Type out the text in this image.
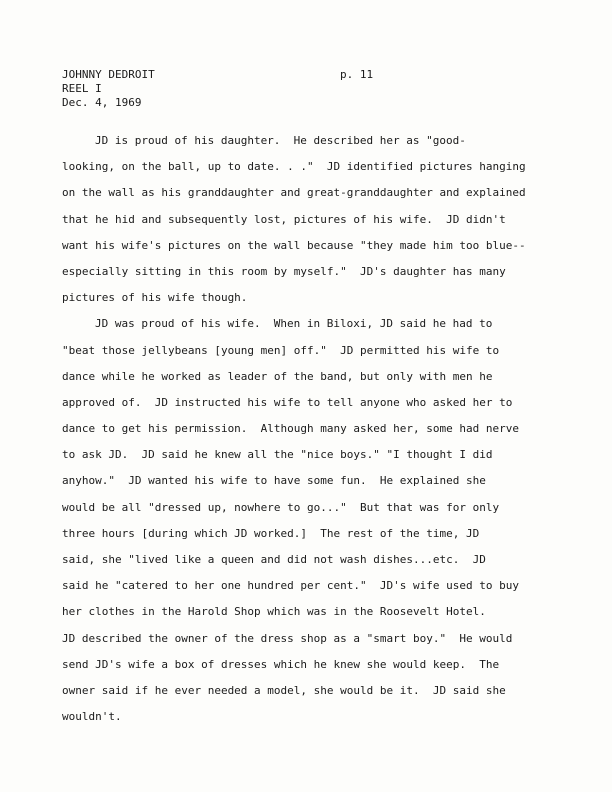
JOHNNY DEDROIT
REEL I
Dec. 4, 1969
p. 11
JD is proud of his daughter.  He described her as "good-
looking, on the ball, up to date. . ."  JD identified pictures hanging
on the wall as his granddaughter and great-granddaughter and explained
that he hid and subsequently lost, pictures of his wife.  JD didn't
want his wife's pictures on the wall because "they made him too blue--
especially sitting in this room by myself."  JD's daughter has many
pictures of his wife though.
JD was proud of his wife.  When in Biloxi, JD said he had to
"beat those jellybeans [young men] off."  JD permitted his wife to
dance while he worked as leader of the band, but only with men he
approved of.  JD instructed his wife to tell anyone who asked her to
dance to get his permission.  Although many asked her, some had nerve
to ask JD.  JD said he knew all the "nice boys." "I thought I did
anyhow."  JD wanted his wife to have some fun.  He explained she
would be all "dressed up, nowhere to go..."  But that was for only
three hours [during which JD worked.]  The rest of the time, JD
said, she "lived like a queen and did not wash dishes...etc.  JD
said he "catered to her one hundred per cent."  JD's wife used to buy
her clothes in the Harold Shop which was in the Roosevelt Hotel.
JD described the owner of the dress shop as a "smart boy."  He would
send JD's wife a box of dresses which he knew she would keep.  The
owner said if he ever needed a model, she would be it.  JD said she
wouldn't.
